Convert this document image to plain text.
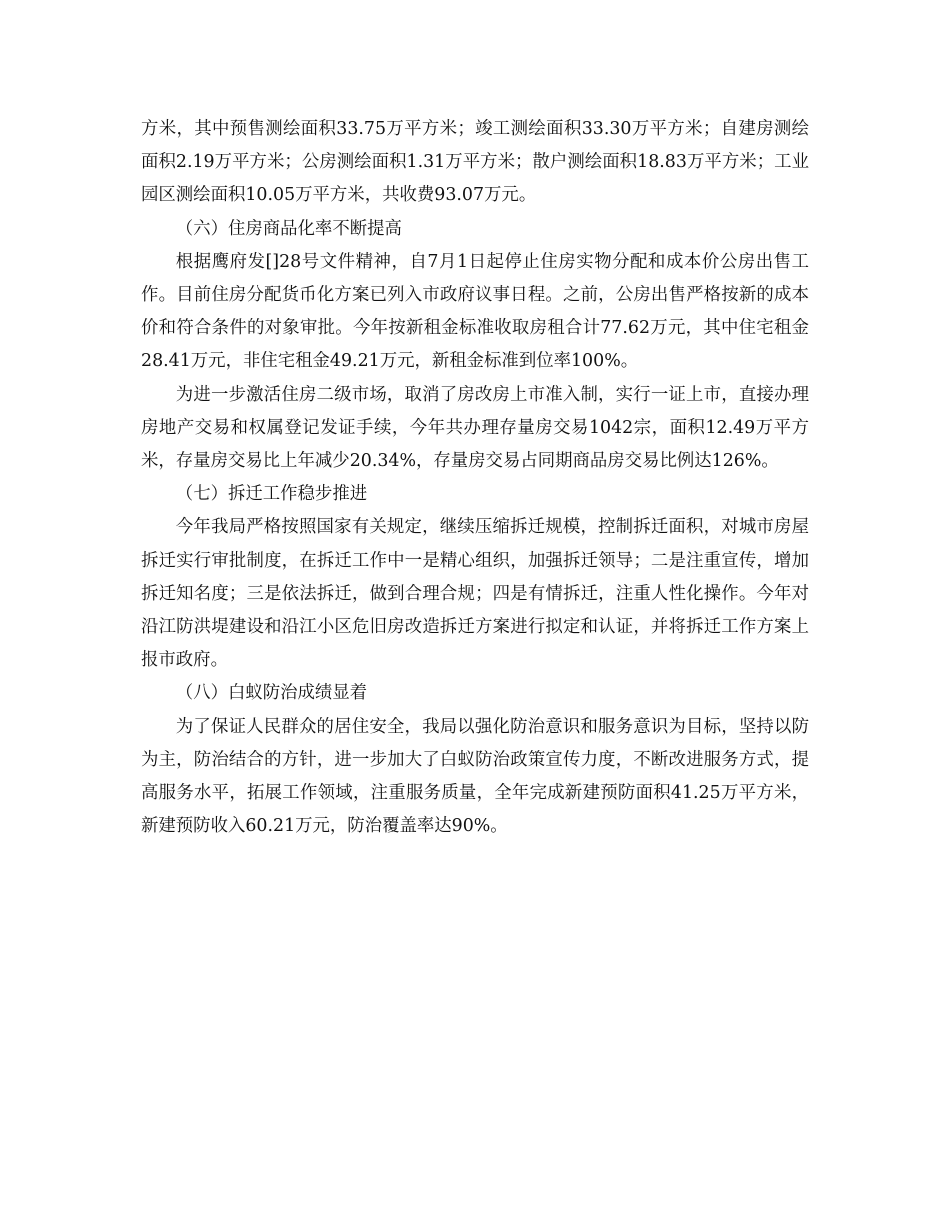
方米，其中预售测绘面积33.75万平方米；竣工测绘面积33.30万平方米；自建房测绘面积2.19万平方米；公房测绘面积1.31万平方米；散户测绘面积18.83万平方米；工业园区测绘面积10.05万平方米，共收费93.07万元。

（六）住房商品化率不断提高

根据鹰府发[]28号文件精神，自7月1日起停止住房实物分配和成本价公房出售工作。目前住房分配货币化方案已列入市政府议事日程。之前，公房出售严格按新的成本价和符合条件的对象审批。今年按新租金标准收取房租合计77.62万元，其中住宅租金28.41万元，非住宅租金49.21万元，新租金标准到位率100%。

为进一步激活住房二级市场，取消了房改房上市准入制，实行一证上市，直接办理房地产交易和权属登记发证手续，今年共办理存量房交易1042宗，面积12.49万平方米，存量房交易比上年减少20.34%，存量房交易占同期商品房交易比例达126%。

（七）拆迁工作稳步推进

今年我局严格按照国家有关规定，继续压缩拆迁规模，控制拆迁面积，对城市房屋拆迁实行审批制度，在拆迁工作中一是精心组织，加强拆迁领导；二是注重宣传，增加拆迁知名度；三是依法拆迁，做到合理合规；四是有情拆迁，注重人性化操作。今年对沿江防洪堤建设和沿江小区危旧房改造拆迁方案进行拟定和认证，并将拆迁工作方案上报市政府。

（八）白蚁防治成绩显着

为了保证人民群众的居住安全，我局以强化防治意识和服务意识为目标，坚持以防为主，防治结合的方针，进一步加大了白蚁防治政策宣传力度，不断改进服务方式，提高服务水平，拓展工作领域，注重服务质量，全年完成新建预防面积41.25万平方米，新建预防收入60.21万元，防治覆盖率达90%。
